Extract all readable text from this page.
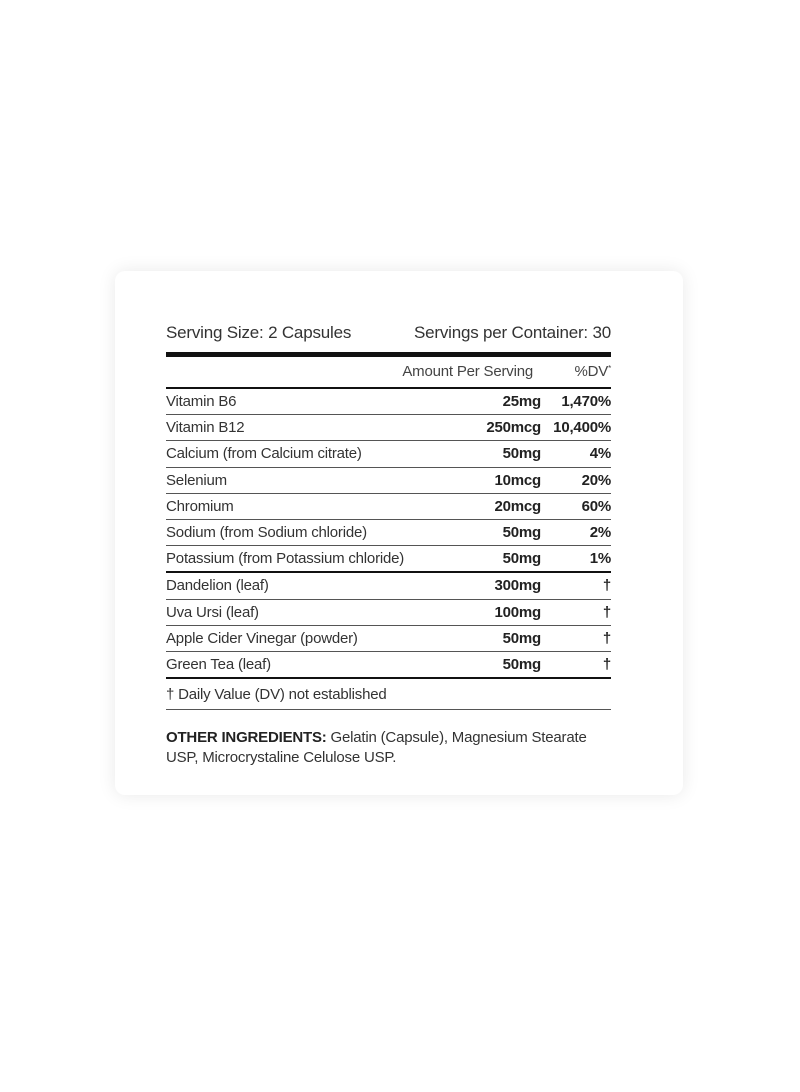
Serving Size: 2 Capsules	Servings per Container: 30
Amount Per Serving	%DV*
Vitamin B6	25mg	1,470%
Vitamin B12	250mcg 10,400%
Calcium (from Calcium citrate)	50mg	4%
Selenium	10mcg	20%
Chromium	20mcg	60%
Sodium (from Sodium chloride)	50mg	2%
Potassium (from Potassium chloride)	50mg	1%
Dandelion (leaf)	300mg	†
Uva Ursi (leaf)	100mg	†
Apple Cider Vinegar (powder)	50mg	†
Green Tea (leaf)	50mg	†
† Daily Value (DV) not established
OTHER INGREDIENTS: Gelatin (Capsule), Magnesium Stearate USP, Microcrystaline Celulose USP.
